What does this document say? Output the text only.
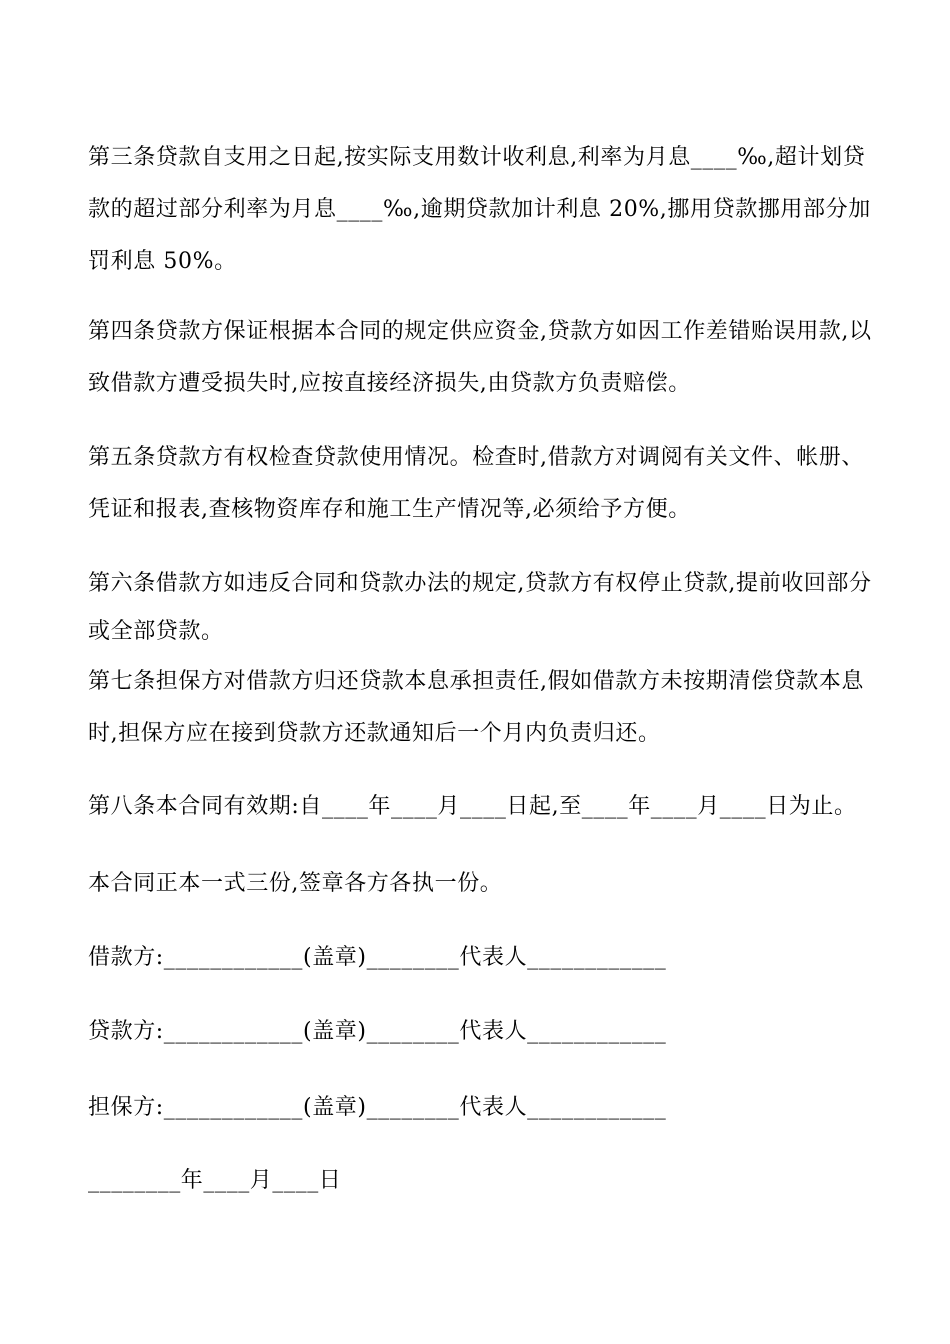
第三条贷款自支用之日起,按实际支用数计收利息,利率为月息____‰,超计划贷款的超过部分利率为月息____‰,逾期贷款加计利息 20%,挪用贷款挪用部分加罚利息 50%。

第四条贷款方保证根据本合同的规定供应资金,贷款方如因工作差错贻误用款,以致借款方遭受损失时,应按直接经济损失,由贷款方负责赔偿。

第五条贷款方有权检查贷款使用情况。检查时,借款方对调阅有关文件、帐册、凭证和报表,查核物资库存和施工生产情况等,必须给予方便。

第六条借款方如违反合同和贷款办法的规定,贷款方有权停止贷款,提前收回部分或全部贷款。

第七条担保方对借款方归还贷款本息承担责任,假如借款方未按期清偿贷款本息时,担保方应在接到贷款方还款通知后一个月内负责归还。

第八条本合同有效期:自____年____月____日起,至____年____月____日为止。

本合同正本一式三份,签章各方各执一份。

借款方:____________(盖章)________代表人____________

贷款方:____________(盖章)________代表人____________

担保方:____________(盖章)________代表人____________

________年____月____日
